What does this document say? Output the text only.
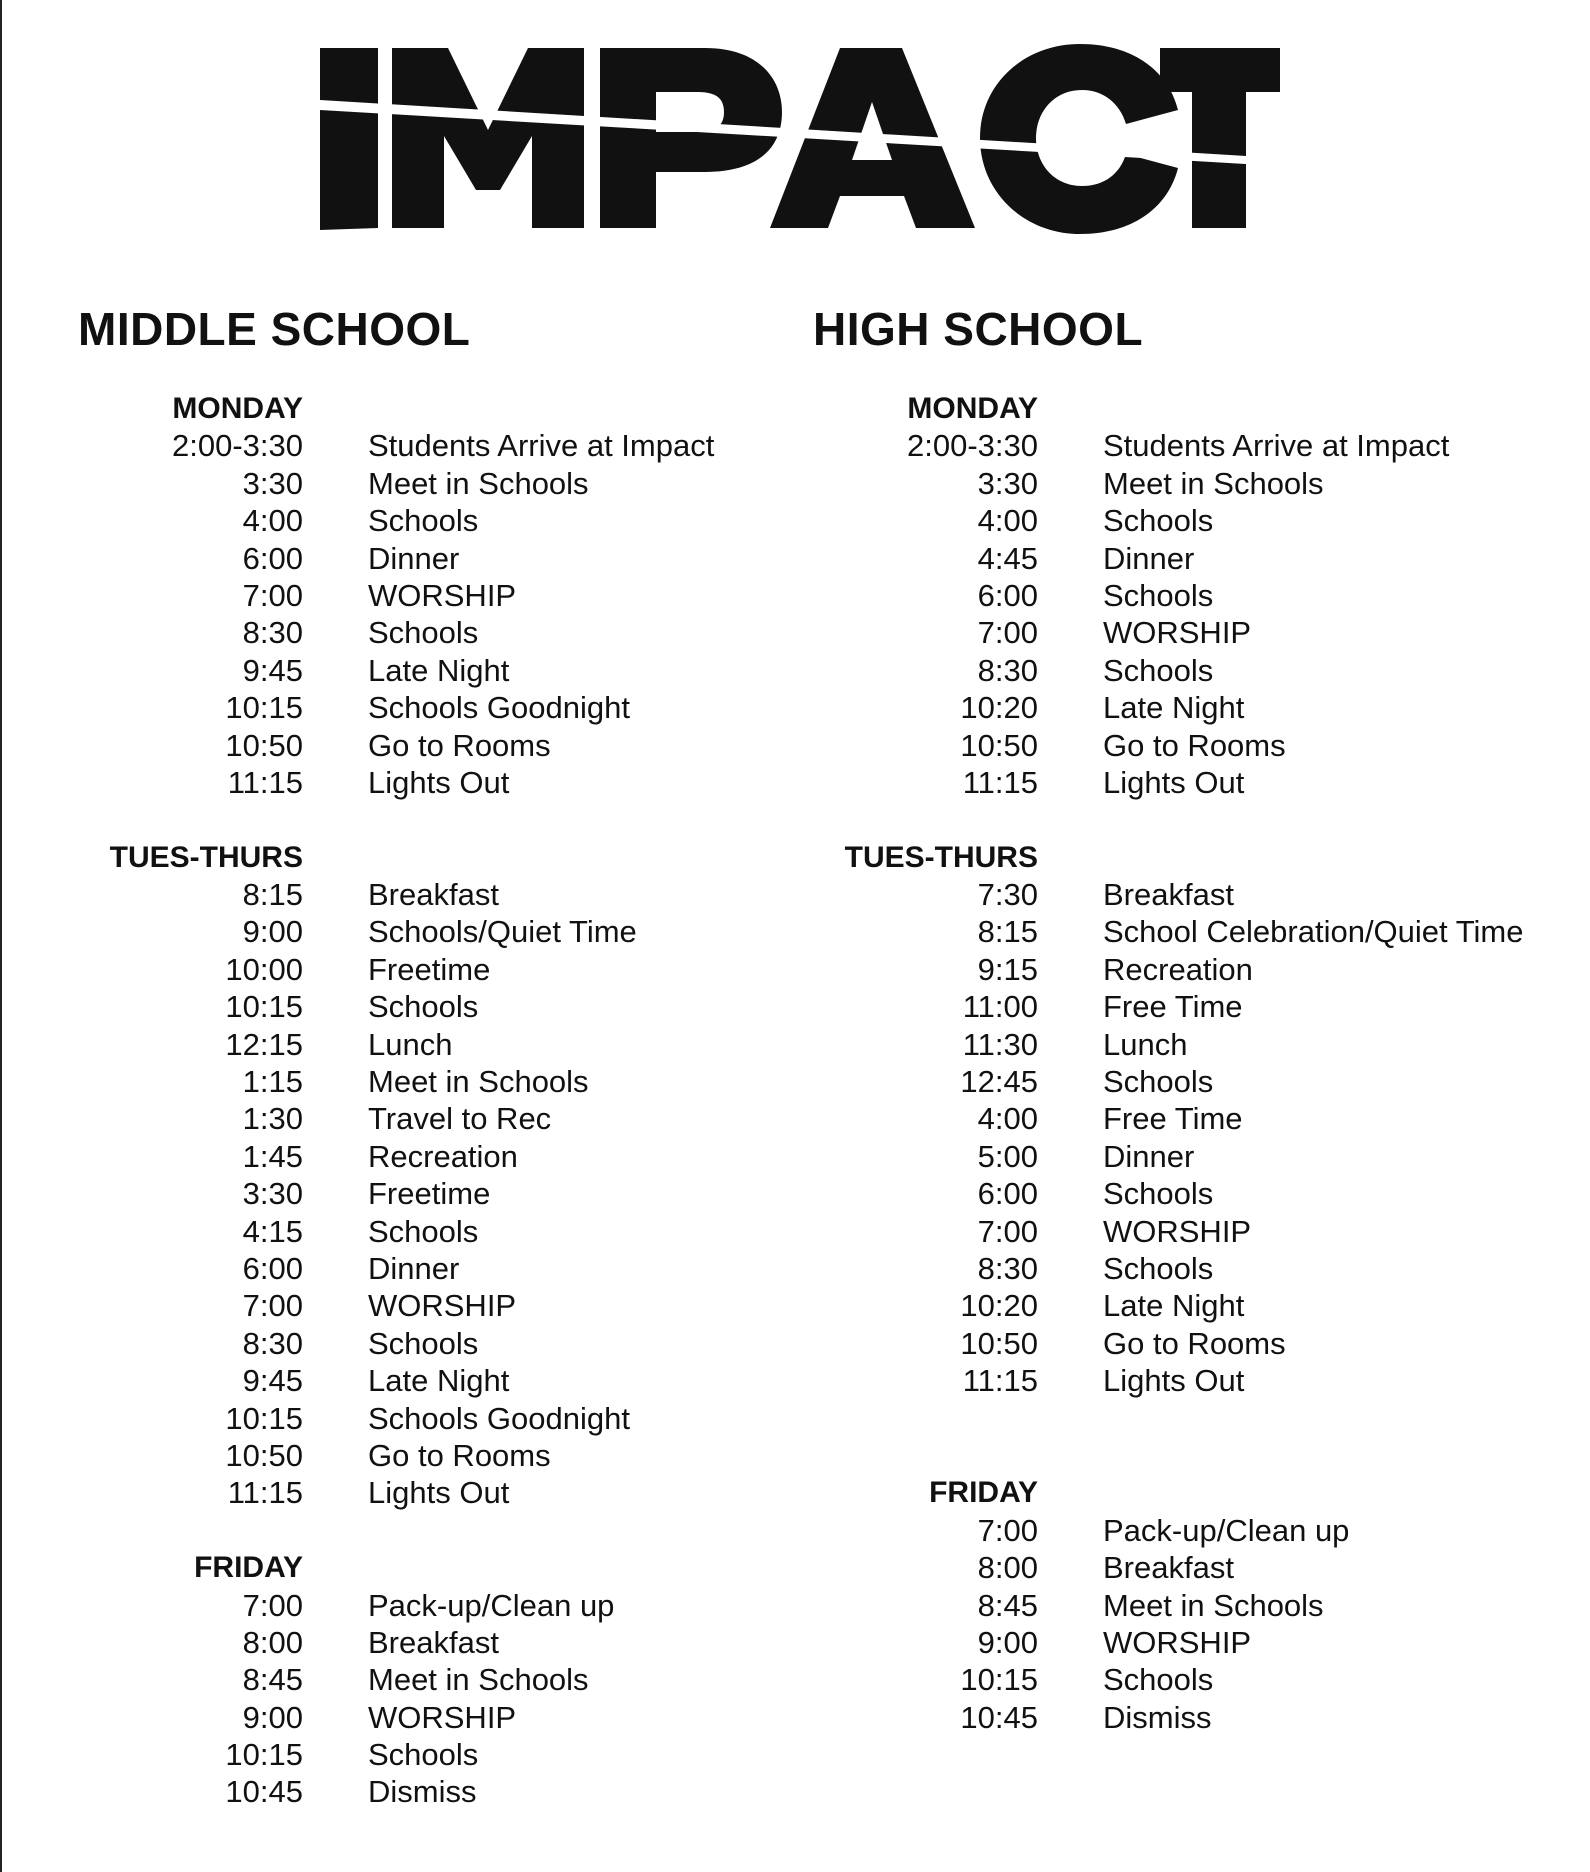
MIDDLE SCHOOL
MONDAY
2:00-3:30 Students Arrive at Impact
3:30 Meet in Schools
4:00 Schools
6:00 Dinner
7:00 WORSHIP
8:30 Schools
9:45 Late Night
10:15 Schools Goodnight
10:50 Go to Rooms
11:15 Lights Out
TUES-THURS
8:15 Breakfast
9:00 Schools/Quiet Time
10:00 Freetime
10:15 Schools
12:15 Lunch
1:15 Meet in Schools
1:30 Travel to Rec
1:45 Recreation
3:30 Freetime
4:15 Schools
6:00 Dinner
7:00 WORSHIP
8:30 Schools
9:45 Late Night
10:15 Schools Goodnight
10:50 Go to Rooms
11:15 Lights Out
FRIDAY
7:00 Pack-up/Clean up
8:00 Breakfast
8:45 Meet in Schools
9:00 WORSHIP
10:15 Schools
10:45 Dismiss
HIGH SCHOOL
MONDAY
2:00-3:30 Students Arrive at Impact
3:30 Meet in Schools
4:00 Schools
4:45 Dinner
6:00 Schools
7:00 WORSHIP
8:30 Schools
10:20 Late Night
10:50 Go to Rooms
11:15 Lights Out
TUES-THURS
7:30 Breakfast
8:15 School Celebration/Quiet Time
9:15 Recreation
11:00 Free Time
11:30 Lunch
12:45 Schools
4:00 Free Time
5:00 Dinner
6:00 Schools
7:00 WORSHIP
8:30 Schools
10:20 Late Night
10:50 Go to Rooms
11:15 Lights Out
FRIDAY
7:00 Pack-up/Clean up
8:00 Breakfast
8:45 Meet in Schools
9:00 WORSHIP
10:15 Schools
10:45 Dismiss
